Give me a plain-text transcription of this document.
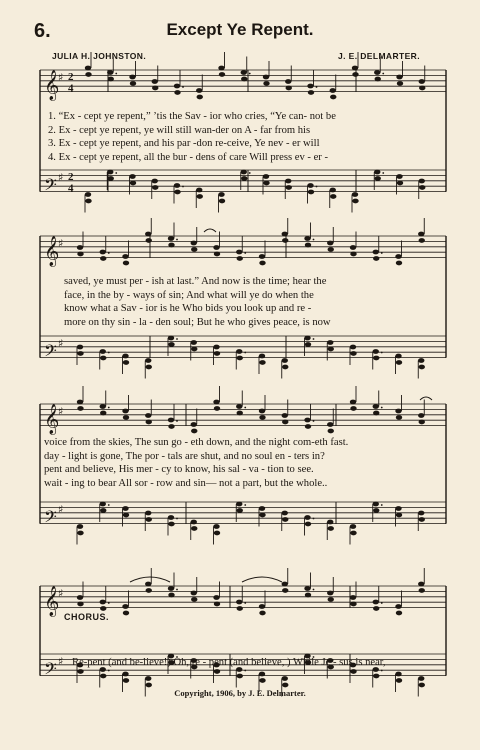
6.	Except Ye Repent.
JULIA H. JOHNSTON.	J. E. DELMARTER.
𝄞
♯ 2
4
𝄢 ♯ 2
4
𝄞
♯
𝄢 ♯
𝄞
♯
𝄢 ♯
𝄞
♯
𝄢 ♯
1. “Ex - cept ye repent,” ’tis the Sav - ior who cries, “Ye can- not be
2. Ex - cept ye repent, ye will still wan-der on A - far from his
3. Ex - cept ye repent, and his par -don re-ceive, Ye nev - er will
4. Ex - cept ye repent, all the bur - dens of care Will press ev - er -
saved, ye must per - ish at last.” And now is the time; hear the
face, in the by - ways of sin; And what will ye do when the
know what a Sav - ior is he Who bids you look up and re -
more on thy sin - la - den soul; But he who gives peace, is now
voice from the skies, The sun go - eth down, and the night com-eth fast.
day - light is gone, The por - tals are shut, and no soul en - ters in?
pent and believe, His mer - cy to know, his sal - va - tion to see.
wait - ing to bear All sor - row and sin— not a part, but the whole..
CHORUS.
Re-pent (and be-lieve!) Oh, re - pent (and believe, ) While Je - sus is near,
Copyright, 1906, by J. E. Delmarter.
